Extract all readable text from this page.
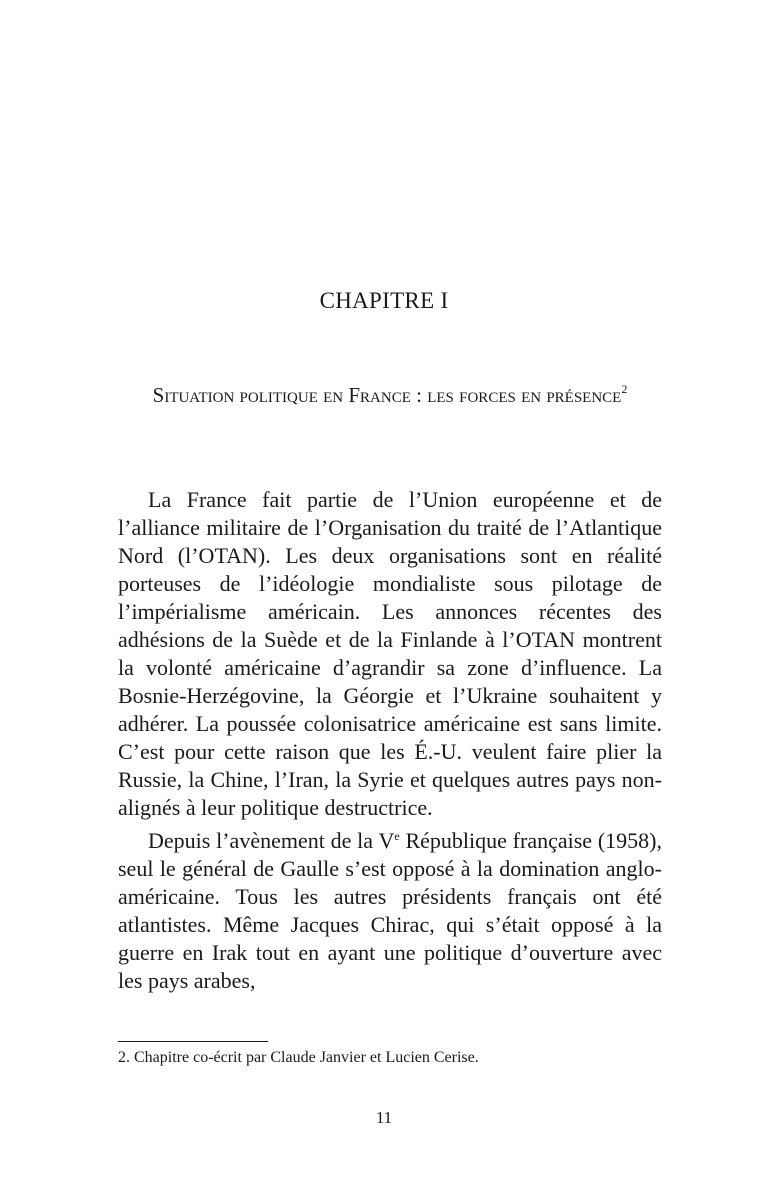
CHAPITRE I
Situation politique en France : les forces en présence$^2$

La France fait partie de l’Union européenne et de l’alliance militaire de l’Organisation du traité de l’Atlantique Nord (l’OTAN). Les deux organisations sont en réalité porteuses de l’idéologie mondialiste sous pilotage de l’impérialisme américain. Les annonces récentes des adhésions de la Suède et de la Finlande à l’OTAN montrent la volonté américaine d’agrandir sa zone d’influence. La Bosnie-Herzégovine, la Géorgie et l’Ukraine souhaitent y adhérer. La poussée colonisatrice américaine est sans limite. C’est pour cette raison que les É.-U. veulent faire plier la Russie, la Chine, l’Iran, la Syrie et quelques autres pays non-alignés à leur politique destructrice.

Depuis l’avènement de la Ve République française (1958), seul le général de Gaulle s’est opposé à la domination anglo-américaine. Tous les autres présidents français ont été atlantistes. Même Jacques Chirac, qui s’était opposé à la guerre en Irak tout en ayant une politique d’ouverture avec les pays arabes,

2. Chapitre co-écrit par Claude Janvier et Lucien Cerise.
11
